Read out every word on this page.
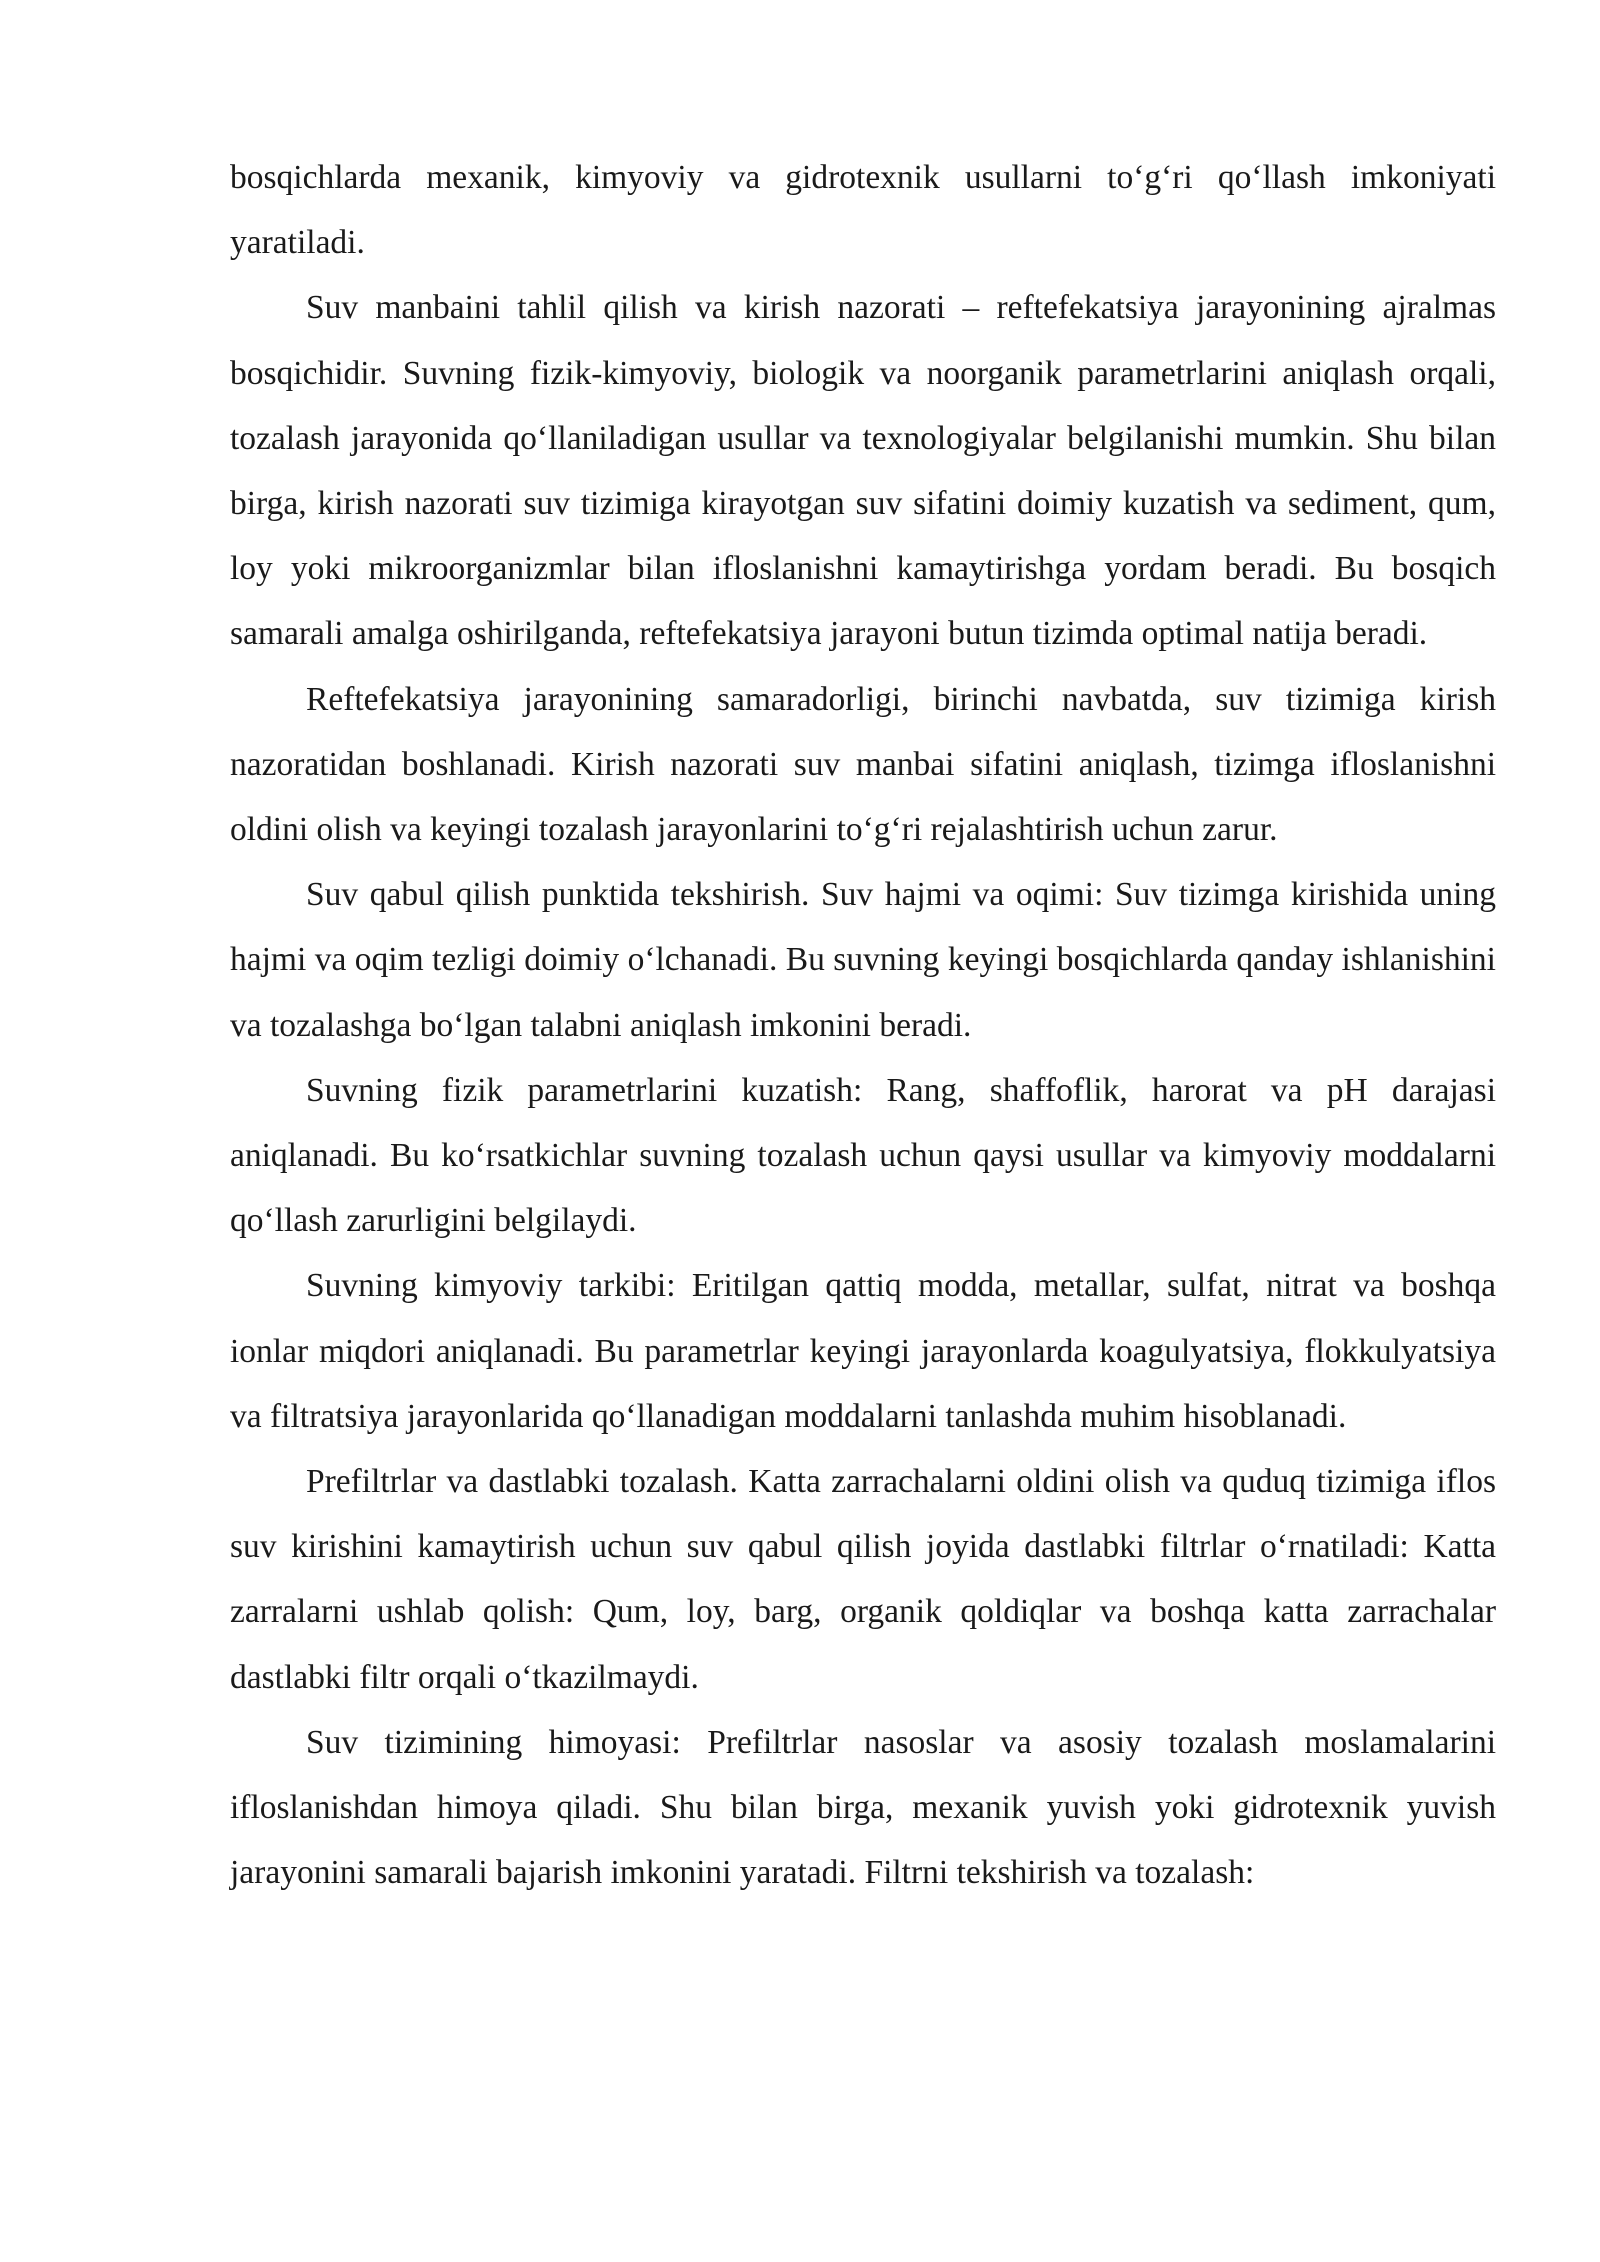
bosqichlarda mexanik, kimyoviy va gidrotexnik usullarni to‘g‘ri qo‘llash imkoniyati yaratiladi.

Suv manbaini tahlil qilish va kirish nazorati – reftefekatsiya jarayonining ajralmas bosqichidir. Suvning fizik-kimyoviy, biologik va noorganik parametrlarini aniqlash orqali, tozalash jarayonida qo‘llaniladigan usullar va texnologiyalar belgilanishi mumkin. Shu bilan birga, kirish nazorati suv tizimiga kirayotgan suv sifatini doimiy kuzatish va sediment, qum, loy yoki mikroorganizmlar bilan ifloslanishni kamaytirishga yordam beradi. Bu bosqich samarali amalga oshirilganda, reftefekatsiya jarayoni butun tizimda optimal natija beradi.

Reftefekatsiya jarayonining samaradorligi, birinchi navbatda, suv tizimiga kirish nazoratidan boshlanadi. Kirish nazorati suv manbai sifatini aniqlash, tizimga ifloslanishni oldini olish va keyingi tozalash jarayonlarini to‘g‘ri rejalashtirish uchun zarur.

Suv qabul qilish punktida tekshirish. Suv hajmi va oqimi: Suv tizimga kirishida uning hajmi va oqim tezligi doimiy o‘lchanadi. Bu suvning keyingi bosqichlarda qanday ishlanishini va tozalashga bo‘lgan talabni aniqlash imkonini beradi.

Suvning fizik parametrlarini kuzatish: Rang, shaffoflik, harorat va pH darajasi aniqlanadi. Bu ko‘rsatkichlar suvning tozalash uchun qaysi usullar va kimyoviy moddalarni qo‘llash zarurligini belgilaydi.

Suvning kimyoviy tarkibi: Eritilgan qattiq modda, metallar, sulfat, nitrat va boshqa ionlar miqdori aniqlanadi. Bu parametrlar keyingi jarayonlarda koagulyatsiya, flokkulyatsiya va filtratsiya jarayonlarida qo‘llanadigan moddalarni tanlashda muhim hisoblanadi.

Prefiltrlar va dastlabki tozalash. Katta zarrachalarni oldini olish va quduq tizimiga iflos suv kirishini kamaytirish uchun suv qabul qilish joyida dastlabki filtrlar o‘rnatiladi: Katta zarralarni ushlab qolish: Qum, loy, barg, organik qoldiqlar va boshqa katta zarrachalar dastlabki filtr orqali o‘tkazilmaydi.

Suv tizimining himoyasi: Prefiltrlar nasoslar va asosiy tozalash moslamalarini ifloslanishdan himoya qiladi. Shu bilan birga, mexanik yuvish yoki gidrotexnik yuvish jarayonini samarali bajarish imkonini yaratadi. Filtrni tekshirish va tozalash:
